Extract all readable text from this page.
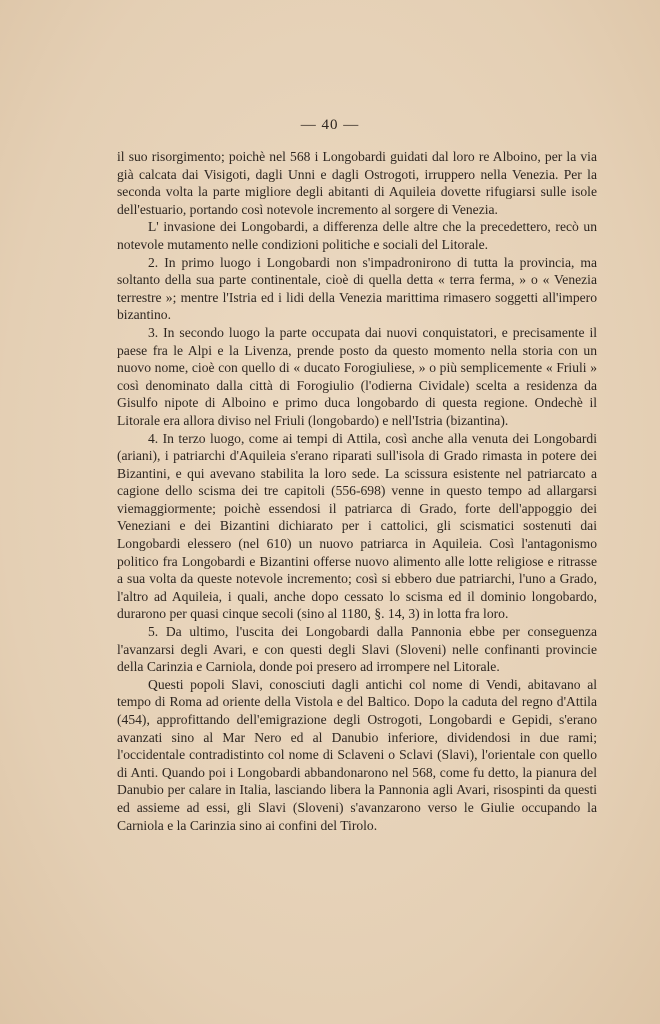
— 40 —

il suo risorgimento; poichè nel 568 i Longobardi guidati dal loro re Alboino, per la via già calcata dai Visigoti, dagli Unni e dagli Ostrogoti, irruppero nella Venezia. Per la seconda volta la parte migliore degli abitanti di Aquileia dovette rifugiarsi sulle isole dell'estuario, portando così notevole incremento al sorgere di Venezia.

L' invasione dei Longobardi, a differenza delle altre che la precedettero, recò un notevole mutamento nelle condizioni politiche e sociali del Litorale.

2. In primo luogo i Longobardi non s'impadronirono di tutta la provincia, ma soltanto della sua parte continentale, cioè di quella detta « terra ferma, » o « Venezia terrestre »; mentre l'Istria ed i lidi della Venezia marittima rimasero soggetti all'impero bizantino.

3. In secondo luogo la parte occupata dai nuovi conquistatori, e precisamente il paese fra le Alpi e la Livenza, prende posto da questo momento nella storia con un nuovo nome, cioè con quello di « ducato Forogiuliese, » o più semplicemente « Friuli » così denominato dalla città di Forogiulio (l'odierna Cividale) scelta a residenza da Gisulfo nipote di Alboino e primo duca longobardo di questa regione. Ondechè il Litorale era allora diviso nel Friuli (longobardo) e nell'Istria (bizantina).

4. In terzo luogo, come ai tempi di Attila, così anche alla venuta dei Longobardi (ariani), i patriarchi d'Aquileia s'erano riparati sull'isola di Grado rimasta in potere dei Bizantini, e qui avevano stabilita la loro sede. La scissura esistente nel patriarcato a cagione dello scisma dei tre capitoli (556-698) venne in questo tempo ad allargarsi viemaggiormente; poichè essendosi il patriarca di Grado, forte dell'appoggio dei Veneziani e dei Bizantini dichiarato per i cattolici, gli scismatici sostenuti dai Longobardi elessero (nel 610) un nuovo patriarca in Aquileia. Così l'antagonismo politico fra Longobardi e Bizantini offerse nuovo alimento alle lotte religiose e ritrasse a sua volta da queste notevole incremento; così si ebbero due patriarchi, l'uno a Grado, l'altro ad Aquileia, i quali, anche dopo cessato lo scisma ed il dominio longobardo, durarono per quasi cinque secoli (sino al 1180, §. 14, 3) in lotta fra loro.

5. Da ultimo, l'uscita dei Longobardi dalla Pannonia ebbe per conseguenza l'avanzarsi degli Avari, e con questi degli Slavi (Sloveni) nelle confinanti provincie della Carinzia e Carniola, donde poi presero ad irrompere nel Litorale.

Questi popoli Slavi, conosciuti dagli antichi col nome di Vendi, abitavano al tempo di Roma ad oriente della Vistola e del Baltico. Dopo la caduta del regno d'Attila (454), approfittando dell'emigrazione degli Ostrogoti, Longobardi e Gepidi, s'erano avanzati sino al Mar Nero ed al Danubio inferiore, dividendosi in due rami; l'occidentale contradistinto col nome di Sclaveni o Sclavi (Slavi), l'orientale con quello di Anti. Quando poi i Longobardi abbandonarono nel 568, come fu detto, la pianura del Danubio per calare in Italia, lasciando libera la Pannonia agli Avari, risospinti da questi ed assieme ad essi, gli Slavi (Sloveni) s'avanzarono verso le Giulie occupando la Carniola e la Carinzia sino ai confini del Tirolo.
